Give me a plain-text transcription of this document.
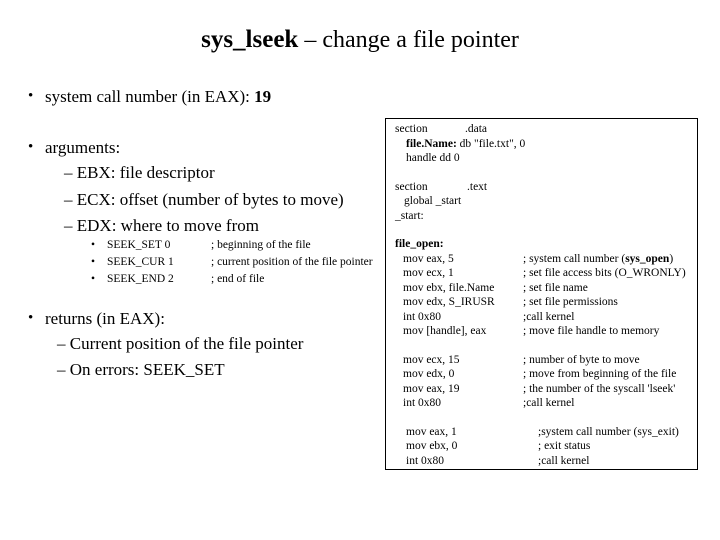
sys_lseek – change a file pointer
• system call number (in EAX): 19
• arguments:
– EBX: file descriptor
– ECX: offset (number of bytes to move)
– EDX: where to move from
• SEEK_SET 0	; beginning of the file
• SEEK_CUR 1	; current position of the file pointer
• SEEK_END 2	; end of file
• returns (in EAX):
– Current position of the file pointer
– On errors: SEEK_SET
section	.data
file.Name: db "file.txt", 0
handle dd 0
section	.text
global _start
_start:
file_open:
mov eax, 5	; system call number (sys_open)
mov ecx, 1	; set file access bits (O_WRONLY)
mov ebx, file.Name ; set file name
mov edx, S_IRUSR ; set file permissions
int 0x80	;call kernel
mov [handle], eax	; move file handle to memory
mov ecx, 15	; number of byte to move
mov edx, 0	; move from beginning of the file
mov eax, 19	; the number of the syscall 'lseek'
int 0x80	;call kernel
mov eax, 1	;system call number (sys_exit)
mov ebx, 0	; exit status
int 0x80	;call kernel
